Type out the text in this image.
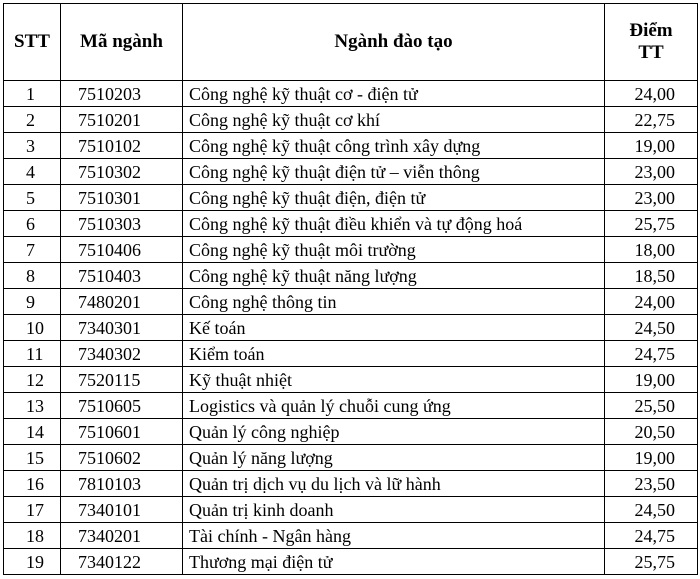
STT	Mã ngành	Ngành đào tạo	Điểm
TT

1	7510203	Công nghệ kỹ thuật cơ - điện tử	24,00
2	7510201	Công nghệ kỹ thuật cơ khí	22,75
3	7510102	Công nghệ kỹ thuật công trình xây dựng	19,00
4	7510302	Công nghệ kỹ thuật điện tử – viễn thông	23,00
5	7510301	Công nghệ kỹ thuật điện, điện tử	23,00
6	7510303	Công nghệ kỹ thuật điều khiển và tự động hoá	25,75
7	7510406	Công nghệ kỹ thuật môi trường	18,00
8	7510403	Công nghệ kỹ thuật năng lượng	18,50
9	7480201	Công nghệ thông tin	24,00
10	7340301	Kế toán	24,50
11	7340302	Kiểm toán	24,75
12	7520115	Kỹ thuật nhiệt	19,00
13	7510605	Logistics và quản lý chuỗi cung ứng	25,50
14	7510601	Quản lý công nghiệp	20,50
15	7510602	Quản lý năng lượng	19,00
16	7810103	Quản trị dịch vụ du lịch và lữ hành	23,50
17	7340101	Quản trị kinh doanh	24,50
18	7340201	Tài chính - Ngân hàng	24,75
19	7340122	Thương mại điện tử	25,75
